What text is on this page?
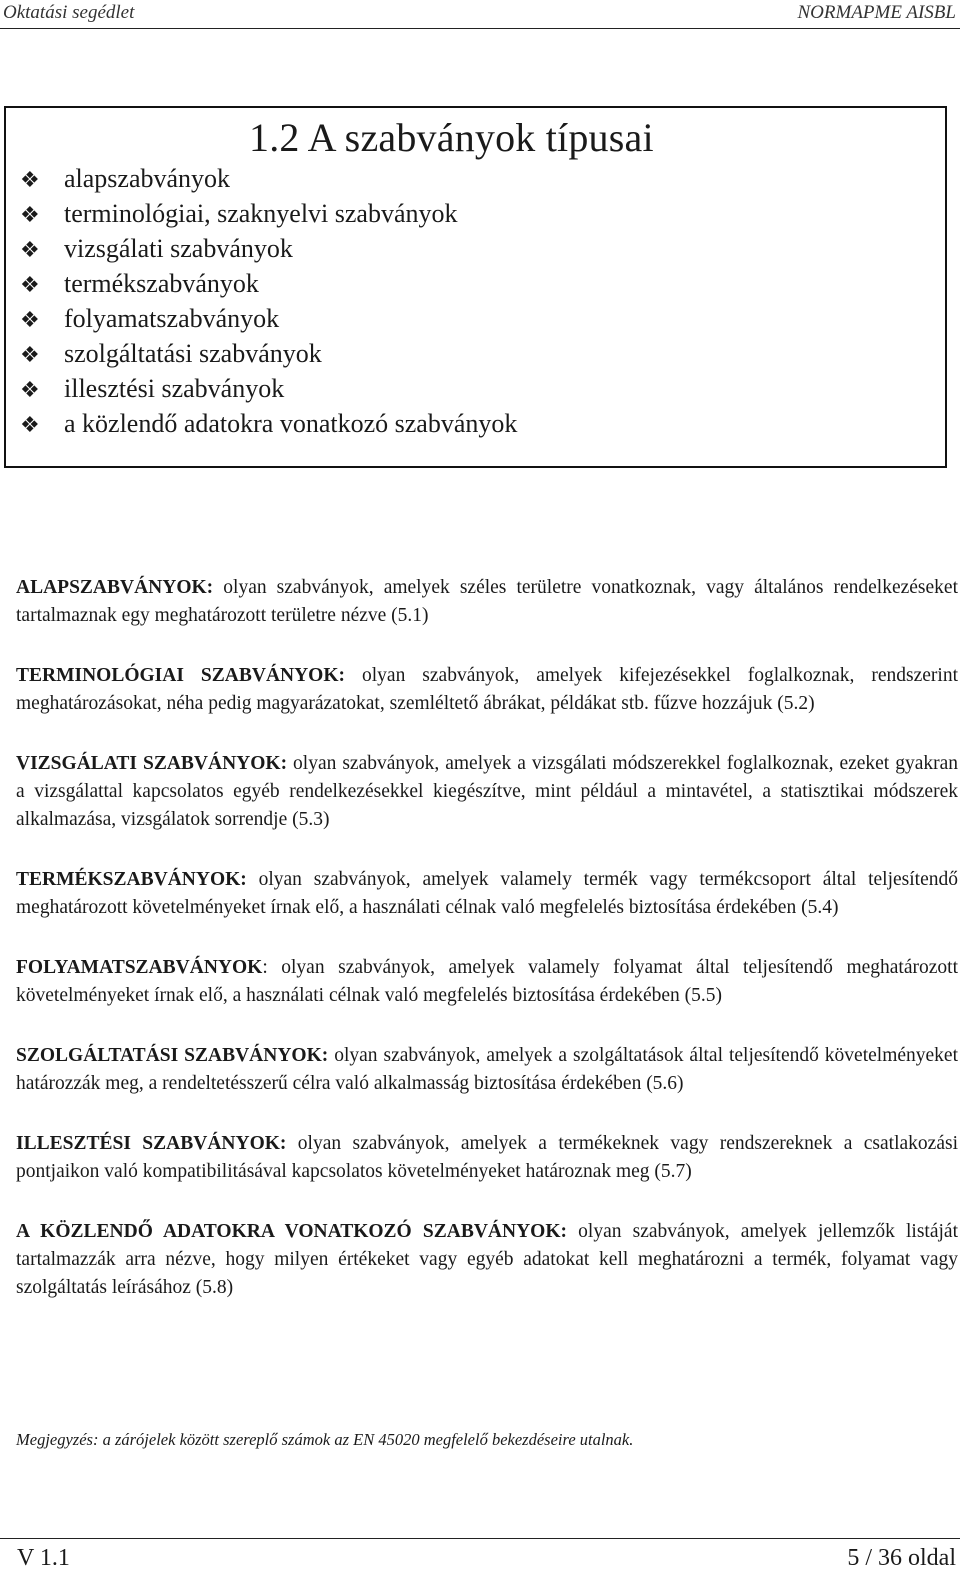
Oktatási segédlet	NORMAPME AISBL
1.2 A szabványok típusai
❖ alapszabványok
❖ terminológiai, szaknyelvi szabványok
❖ vizsgálati szabványok
❖ termékszabványok
❖ folyamatszabványok
❖ szolgáltatási szabványok
❖ illesztési szabványok
❖ a közlendő adatokra vonatkozó szabványok

ALAPSZABVÁNYOK: olyan szabványok, amelyek széles területre vonatkoznak, vagy általános rendelkezéseket tartalmaznak egy meghatározott területre nézve (5.1)

TERMINOLÓGIAI SZABVÁNYOK: olyan szabványok, amelyek kifejezésekkel foglalkoznak, rendszerint meghatározásokat, néha pedig magyarázatokat, szemléltető ábrákat, példákat stb. fűzve hozzájuk (5.2)

VIZSGÁLATI SZABVÁNYOK: olyan szabványok, amelyek a vizsgálati módszerekkel foglalkoznak, ezeket gyakran a vizsgálattal kapcsolatos egyéb rendelkezésekkel kiegészítve, mint például a mintavétel, a statisztikai módszerek alkalmazása, vizsgálatok sorrendje (5.3)

TERMÉKSZABVÁNYOK: olyan szabványok, amelyek valamely termék vagy termékcsoport által teljesítendő meghatározott követelményeket írnak elő, a használati célnak való megfelelés biztosítása érdekében (5.4)

FOLYAMATSZABVÁNYOK: olyan szabványok, amelyek valamely folyamat által teljesítendő meghatározott követelményeket írnak elő, a használati célnak való megfelelés biztosítása érdekében (5.5)

SZOLGÁLTATÁSI SZABVÁNYOK: olyan szabványok, amelyek a szolgáltatások által teljesítendő követelményeket határozzák meg, a rendeltetésszerű célra való alkalmasság biztosítása érdekében (5.6)

ILLESZTÉSI SZABVÁNYOK: olyan szabványok, amelyek a termékeknek vagy rendszereknek a csatlakozási pontjaikon való kompatibilitásával kapcsolatos követelményeket határoznak meg (5.7)

A KÖZLENDŐ ADATOKRA VONATKOZÓ SZABVÁNYOK: olyan szabványok, amelyek jellemzők listáját tartalmazzák arra nézve, hogy milyen értékeket vagy egyéb adatokat kell meghatározni a termék, folyamat vagy szolgáltatás leírásához (5.8)

Megjegyzés: a zárójelek között szereplő számok az EN 45020 megfelelő bekezdéseire utalnak.
V 1.1	5 / 36 oldal
